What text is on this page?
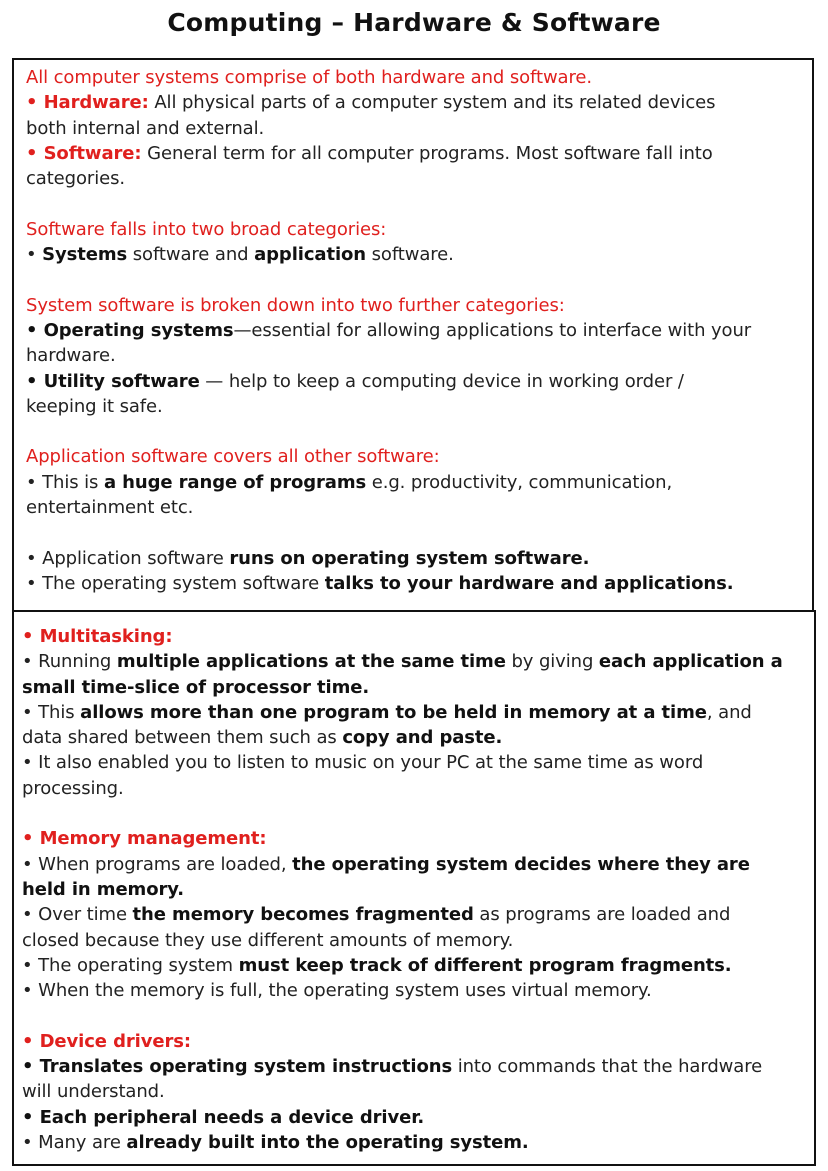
Computing – Hardware & Software
All computer systems comprise of both hardware and software.
• Hardware: All physical parts of a computer system and its related devices
both internal and external.
• Software: General term for all computer programs. Most software fall into
categories.
Software falls into two broad categories:
• Systems software and application software.
System software is broken down into two further categories:
• Operating systems—essential for allowing applications to interface with your
hardware.
• Utility software — help to keep a computing device in working order /
keeping it safe.
Application software covers all other software:
• This is a huge range of programs e.g. productivity, communication,
entertainment etc.
• Application software runs on operating system software.
• The operating system software talks to your hardware and applications.
• Multitasking:
• Running multiple applications at the same time by giving each application a
small time-slice of processor time.
• This allows more than one program to be held in memory at a time, and
data shared between them such as copy and paste.
• It also enabled you to listen to music on your PC at the same time as word
processing.
• Memory management:
• When programs are loaded, the operating system decides where they are
held in memory.
• Over time the memory becomes fragmented as programs are loaded and
closed because they use different amounts of memory.
• The operating system must keep track of different program fragments.
• When the memory is full, the operating system uses virtual memory.
• Device drivers:
• Translates operating system instructions into commands that the hardware
will understand.
• Each peripheral needs a device driver.
• Many are already built into the operating system.
